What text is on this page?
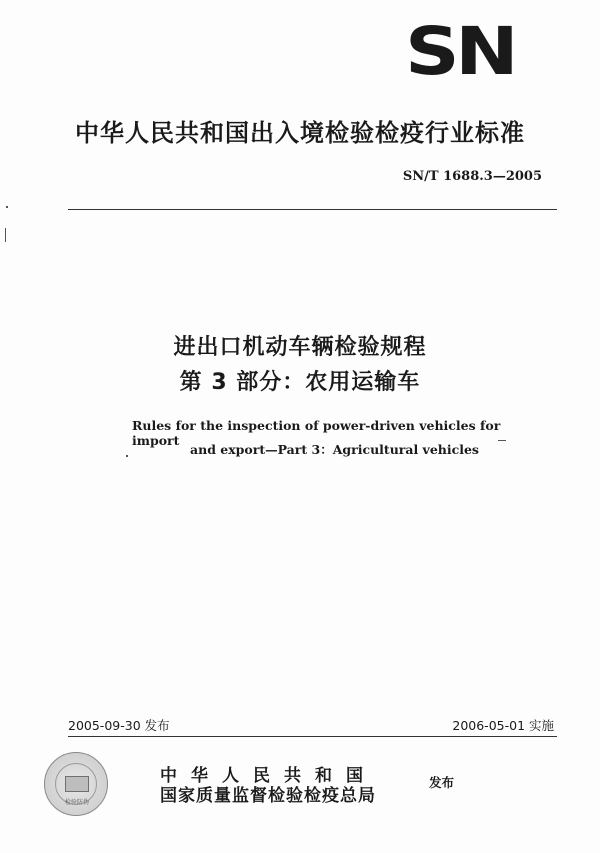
SN
中华人民共和国出入境检验检疫行业标准
SN/T 1688.3—2005
进出口机动车辆检验规程
第 3 部分：农用运输车
Rules for the inspection of power-driven vehicles for import
and export—Part 3：Agricultural vehicles
2005-09-30 发布	2006-05-01 实施
检验防伪
中华人民共和国
国家质量监督检验检疫总局
发布
